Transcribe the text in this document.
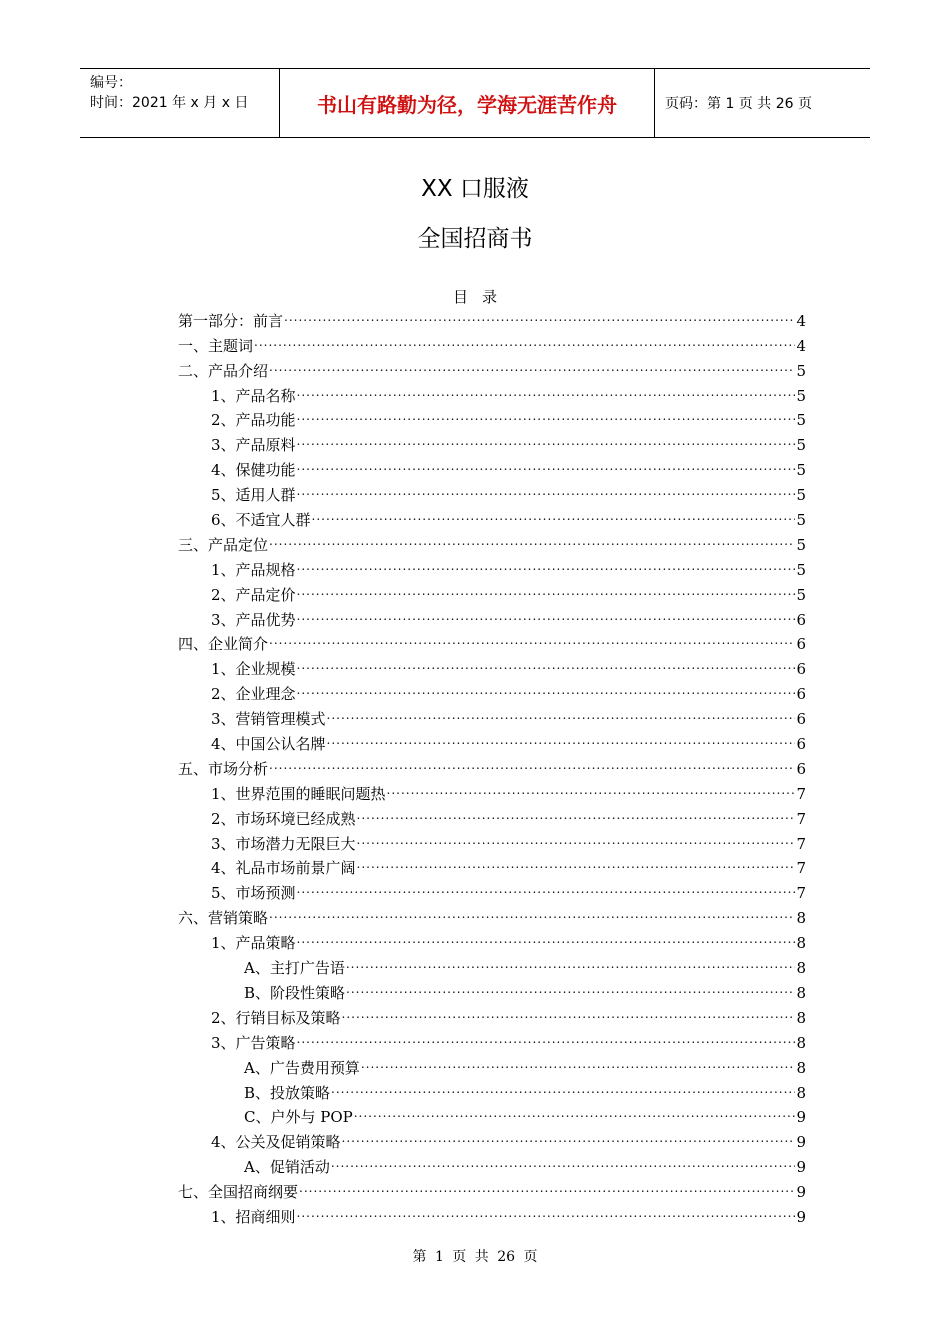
编号：
时间：2021 年 x 月 x 日	书山有路勤为径，学海无涯苦作舟	页码：第 1 页 共 26 页
XX 口服液
全国招商书
目录
第一部分：前言 .....	4
一、主题词 .....	4
二、产品介绍 .....	5
1、产品名称 .....	5
2、产品功能 .....	5
3、产品原料 .....	5
4、保健功能 .....	5
5、适用人群 .....	5
6、不适宜人群 .....	5
三、产品定位 .....	5
1、产品规格 .....	5
2、产品定价 .....	5
3、产品优势 .....	6
四、企业简介 .....	6
1、企业规模 .....	6
2、企业理念 .....	6
3、营销管理模式 .....	6
4、中国公认名牌 .....	6
五、市场分析 .....	6
1、世界范围的睡眠问题热 .....	7
2、市场环境已经成熟 .....	7
3、市场潜力无限巨大 .....	7
4、礼品市场前景广阔 .....	7
5、市场预测 .....	7
六、营销策略 .....	8
1、产品策略 .....	8
A、主打广告语 .....	8
B、阶段性策略 .....	8
2、行销目标及策略 .....	8
3、广告策略 .....	8
A、广告费用预算 .....	8
B、投放策略 .....	8
C、户外与 POP .....	9
4、公关及促销策略 .....	9
A、促销活动 .....	9
七、全国招商纲要 .....	9
1、招商细则 .....	9
第 1 页 共 26 页
